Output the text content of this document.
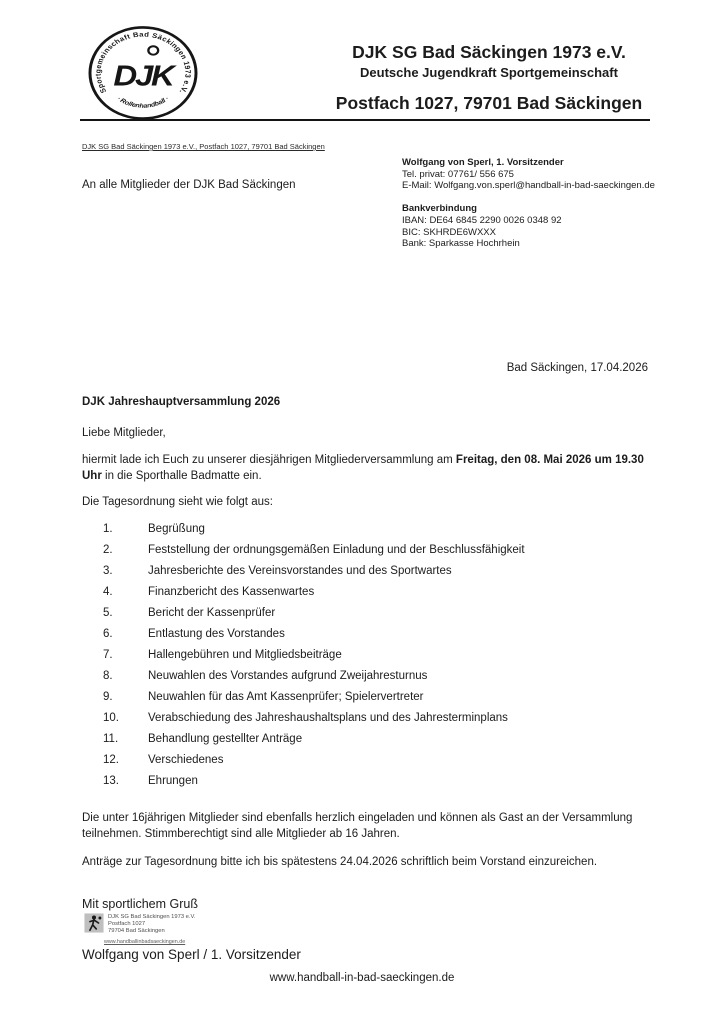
Sportgemeinschaft Bad Säckingen 1973 e.V.
· Rollenhandball ·
DJK
DJK SG Bad Säckingen 1973 e.V.
Deutsche Jugendkraft Sportgemeinschaft
Postfach 1027, 79701 Bad Säckingen
DJK SG Bad Säckingen 1973 e.V., Postfach 1027, 79701 Bad Säckingen
An alle Mitglieder der DJK Bad Säckingen
Wolfgang von Sperl, 1. Vorsitzender
Tel. privat: 07761/ 556 675
E-Mail: Wolfgang.von.sperl@handball-in-bad-saeckingen.de
Bankverbindung
IBAN: DE64 6845 2290 0026 0348 92
BIC: SKHRDE6WXXX
Bank: Sparkasse Hochrhein
Bad Säckingen, 17.04.2026
DJK Jahreshauptversammlung 2026
Liebe Mitglieder,

hiermit lade ich Euch zu unserer diesjährigen Mitgliederversammlung am Freitag, den 08. Mai 2026 um 19.30 Uhr in die Sporthalle Badmatte ein.

Die Tagesordnung sieht wie folgt aus:
1.	Begrüßung
2.	Feststellung der ordnungsgemäßen Einladung und der Beschlussfähigkeit
3.	Jahresberichte des Vereinsvorstandes und des Sportwartes
4.	Finanzbericht des Kassenwartes
5.	Bericht der Kassenprüfer
6.	Entlastung des Vorstandes
7.	Hallengebühren und Mitgliedsbeiträge
8.	Neuwahlen des Vorstandes aufgrund Zweijahresturnus
9.	Neuwahlen für das Amt Kassenprüfer; Spielervertreter
10.	Verabschiedung des Jahreshaushaltsplans und des Jahresterminplans
11.	Behandlung gestellter Anträge
12.	Verschiedenes
13.	Ehrungen

Die unter 16jährigen Mitglieder sind ebenfalls herzlich eingeladen und können als Gast an der Versammlung teilnehmen. Stimmberechtigt sind alle Mitglieder ab 16 Jahren.

Anträge zur Tagesordnung bitte ich bis spätestens 24.04.2026 schriftlich beim Vorstand einzureichen.

Mit sportlichem Gruß
DJK SG Bad Säckingen 1973 e.V.
Postfach 1027
79704 Bad Säckingen
www.handballinbadsaeckingen.de
Wolfgang von Sperl / 1. Vorsitzender
www.handball-in-bad-saeckingen.de
